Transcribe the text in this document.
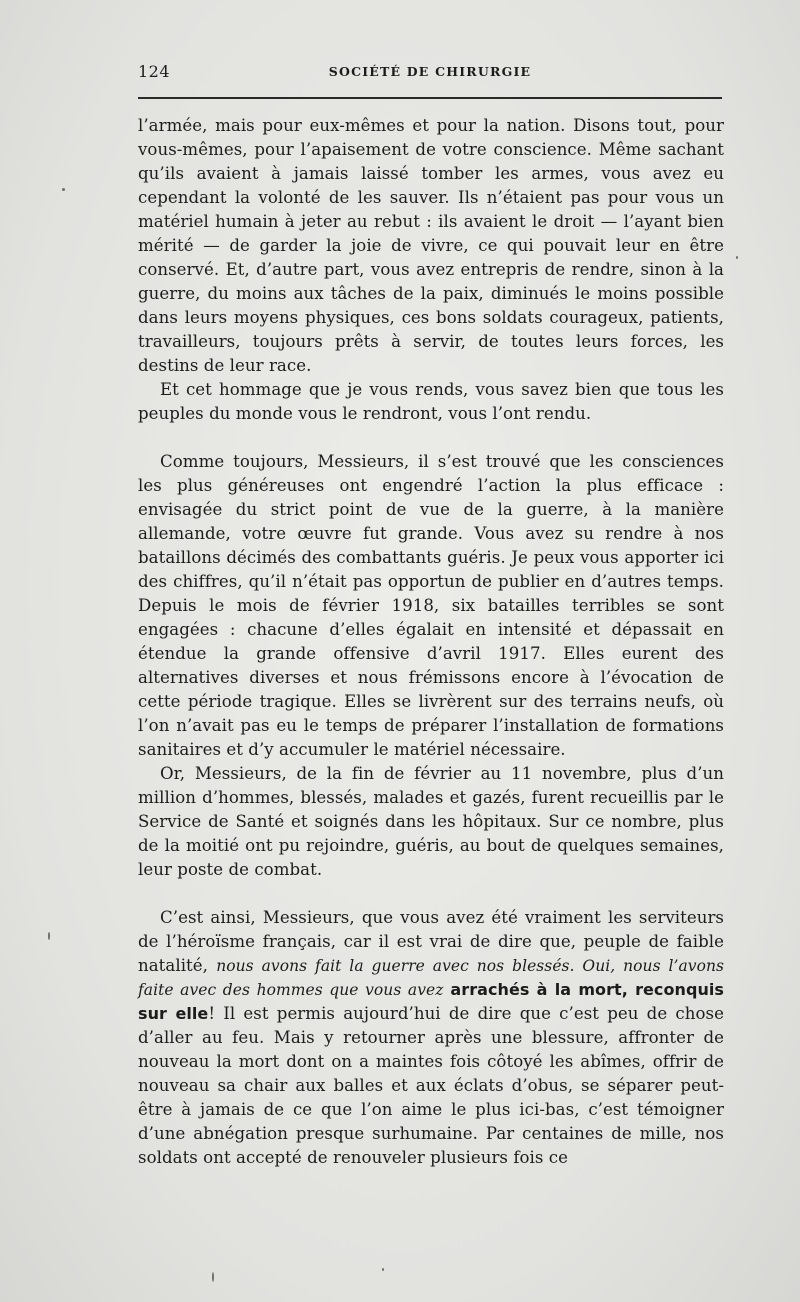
124	SOCIÉTÉ DE CHIRURGIE

l’armée, mais pour eux-mêmes et pour la nation. Disons tout, pour vous-mêmes, pour l’apaisement de votre conscience. Même sachant qu’ils avaient à jamais laissé tomber les armes, vous avez eu cependant la volonté de les sauver. Ils n’étaient pas pour vous un matériel humain à jeter au rebut : ils avaient le droit — l’ayant bien mérité — de garder la joie de vivre, ce qui pouvait leur en être conservé. Et, d’autre part, vous avez entrepris de rendre, sinon à la guerre, du moins aux tâches de la paix, diminués le moins possible dans leurs moyens physiques, ces bons soldats courageux, patients, travailleurs, toujours prêts à servir, de toutes leurs forces, les destins de leur race.

Et cet hommage que je vous rends, vous savez bien que tous les peuples du monde vous le rendront, vous l’ont rendu.

Comme toujours, Messieurs, il s’est trouvé que les consciences les plus généreuses ont engendré l’action la plus efficace : envisagée du strict point de vue de la guerre, à la manière allemande, votre œuvre fut grande. Vous avez su rendre à nos bataillons décimés des combattants guéris. Je peux vous apporter ici des chiffres, qu’il n’était pas opportun de publier en d’autres temps. Depuis le mois de février 1918, six batailles terribles se sont engagées : chacune d’elles égalait en intensité et dépassait en étendue la grande offensive d’avril 1917. Elles eurent des alternatives diverses et nous frémissons encore à l’évocation de cette période tragique. Elles se livrèrent sur des terrains neufs, où l’on n’avait pas eu le temps de préparer l’installation de formations sanitaires et d’y accumuler le matériel nécessaire.

Or, Messieurs, de la fin de février au 11 novembre, plus d’un million d’hommes, blessés, malades et gazés, furent recueillis par le Service de Santé et soignés dans les hôpitaux. Sur ce nombre, plus de la moitié ont pu rejoindre, guéris, au bout de quelques semaines, leur poste de combat.

C’est ainsi, Messieurs, que vous avez été vraiment les serviteurs de l’héroïsme français, car il est vrai de dire que, peuple de faible natalité, nous avons fait la guerre avec nos blessés. Oui, nous l’avons faite avec des hommes que vous avez arrachés à la mort, reconquis sur elle! Il est permis aujourd’hui de dire que c’est peu de chose d’aller au feu. Mais y retourner après une blessure, affronter de nouveau la mort dont on a maintes fois côtoyé les abîmes, offrir de nouveau sa chair aux balles et aux éclats d’obus, se séparer peut-être à jamais de ce que l’on aime le plus ici-bas, c’est témoigner d’une abnégation presque surhumaine. Par centaines de mille, nos soldats ont accepté de renouveler plusieurs fois ce
